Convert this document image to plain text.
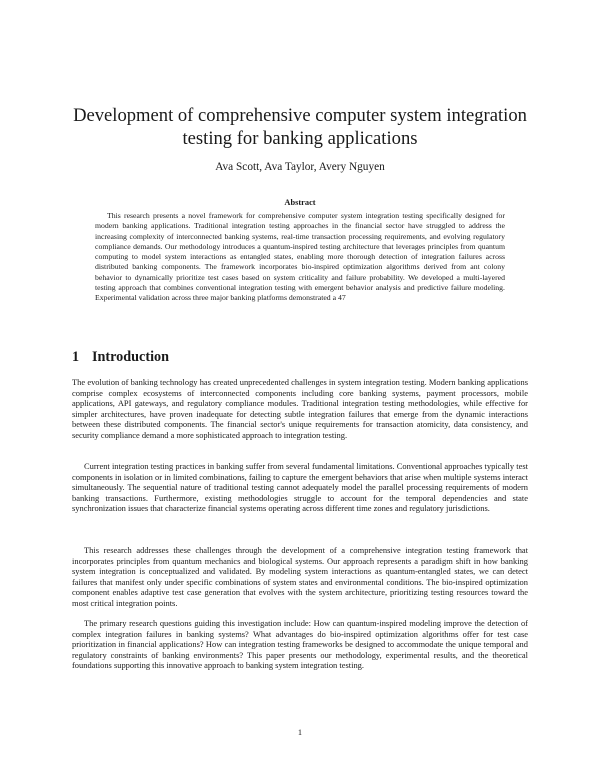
Development of comprehensive computer system integration testing for banking applications
Ava Scott, Ava Taylor, Avery Nguyen
Abstract

This research presents a novel framework for comprehensive computer system integration testing specifically designed for modern banking applications. Traditional integration testing approaches in the financial sector have struggled to address the increasing complexity of interconnected banking systems, real-time transaction processing requirements, and evolving regulatory compliance demands. Our methodology introduces a quantum-inspired testing architecture that leverages principles from quantum computing to model system interactions as entangled states, enabling more thorough detection of integration failures across distributed banking components. The framework incorporates bio-inspired optimization algorithms derived from ant colony behavior to dynamically prioritize test cases based on system criticality and failure probability. We developed a multi-layered testing approach that combines conventional integration testing with emergent behavior analysis and predictive failure modeling. Experimental validation across three major banking platforms demonstrated a 47

1 Introduction

The evolution of banking technology has created unprecedented challenges in system integration testing. Modern banking applications comprise complex ecosystems of interconnected components including core banking systems, payment processors, mobile applications, API gateways, and regulatory compliance modules. Traditional integration testing methodologies, while effective for simpler architectures, have proven inadequate for detecting subtle integration failures that emerge from the dynamic interactions between these distributed components. The financial sector's unique requirements for transaction atomicity, data consistency, and security compliance demand a more sophisticated approach to integration testing.

Current integration testing practices in banking suffer from several fundamental limitations. Conventional approaches typically test components in isolation or in limited combinations, failing to capture the emergent behaviors that arise when multiple systems interact simultaneously. The sequential nature of traditional testing cannot adequately model the parallel processing requirements of modern banking transactions. Furthermore, existing methodologies struggle to account for the temporal dependencies and state synchronization issues that characterize financial systems operating across different time zones and regulatory jurisdictions.

This research addresses these challenges through the development of a comprehensive integration testing framework that incorporates principles from quantum mechanics and biological systems. Our approach represents a paradigm shift in how banking system integration is conceptualized and validated. By modeling system interactions as quantum-entangled states, we can detect failures that manifest only under specific combinations of system states and environmental conditions. The bio-inspired optimization component enables adaptive test case generation that evolves with the system architecture, prioritizing testing resources toward the most critical integration points.

The primary research questions guiding this investigation include: How can quantum-inspired modeling improve the detection of complex integration failures in banking systems? What advantages do bio-inspired optimization algorithms offer for test case prioritization in financial applications? How can integration testing frameworks be designed to accommodate the unique temporal and regulatory constraints of banking environments? This paper presents our methodology, experimental results, and the theoretical foundations supporting this innovative approach to banking system integration testing.

1
